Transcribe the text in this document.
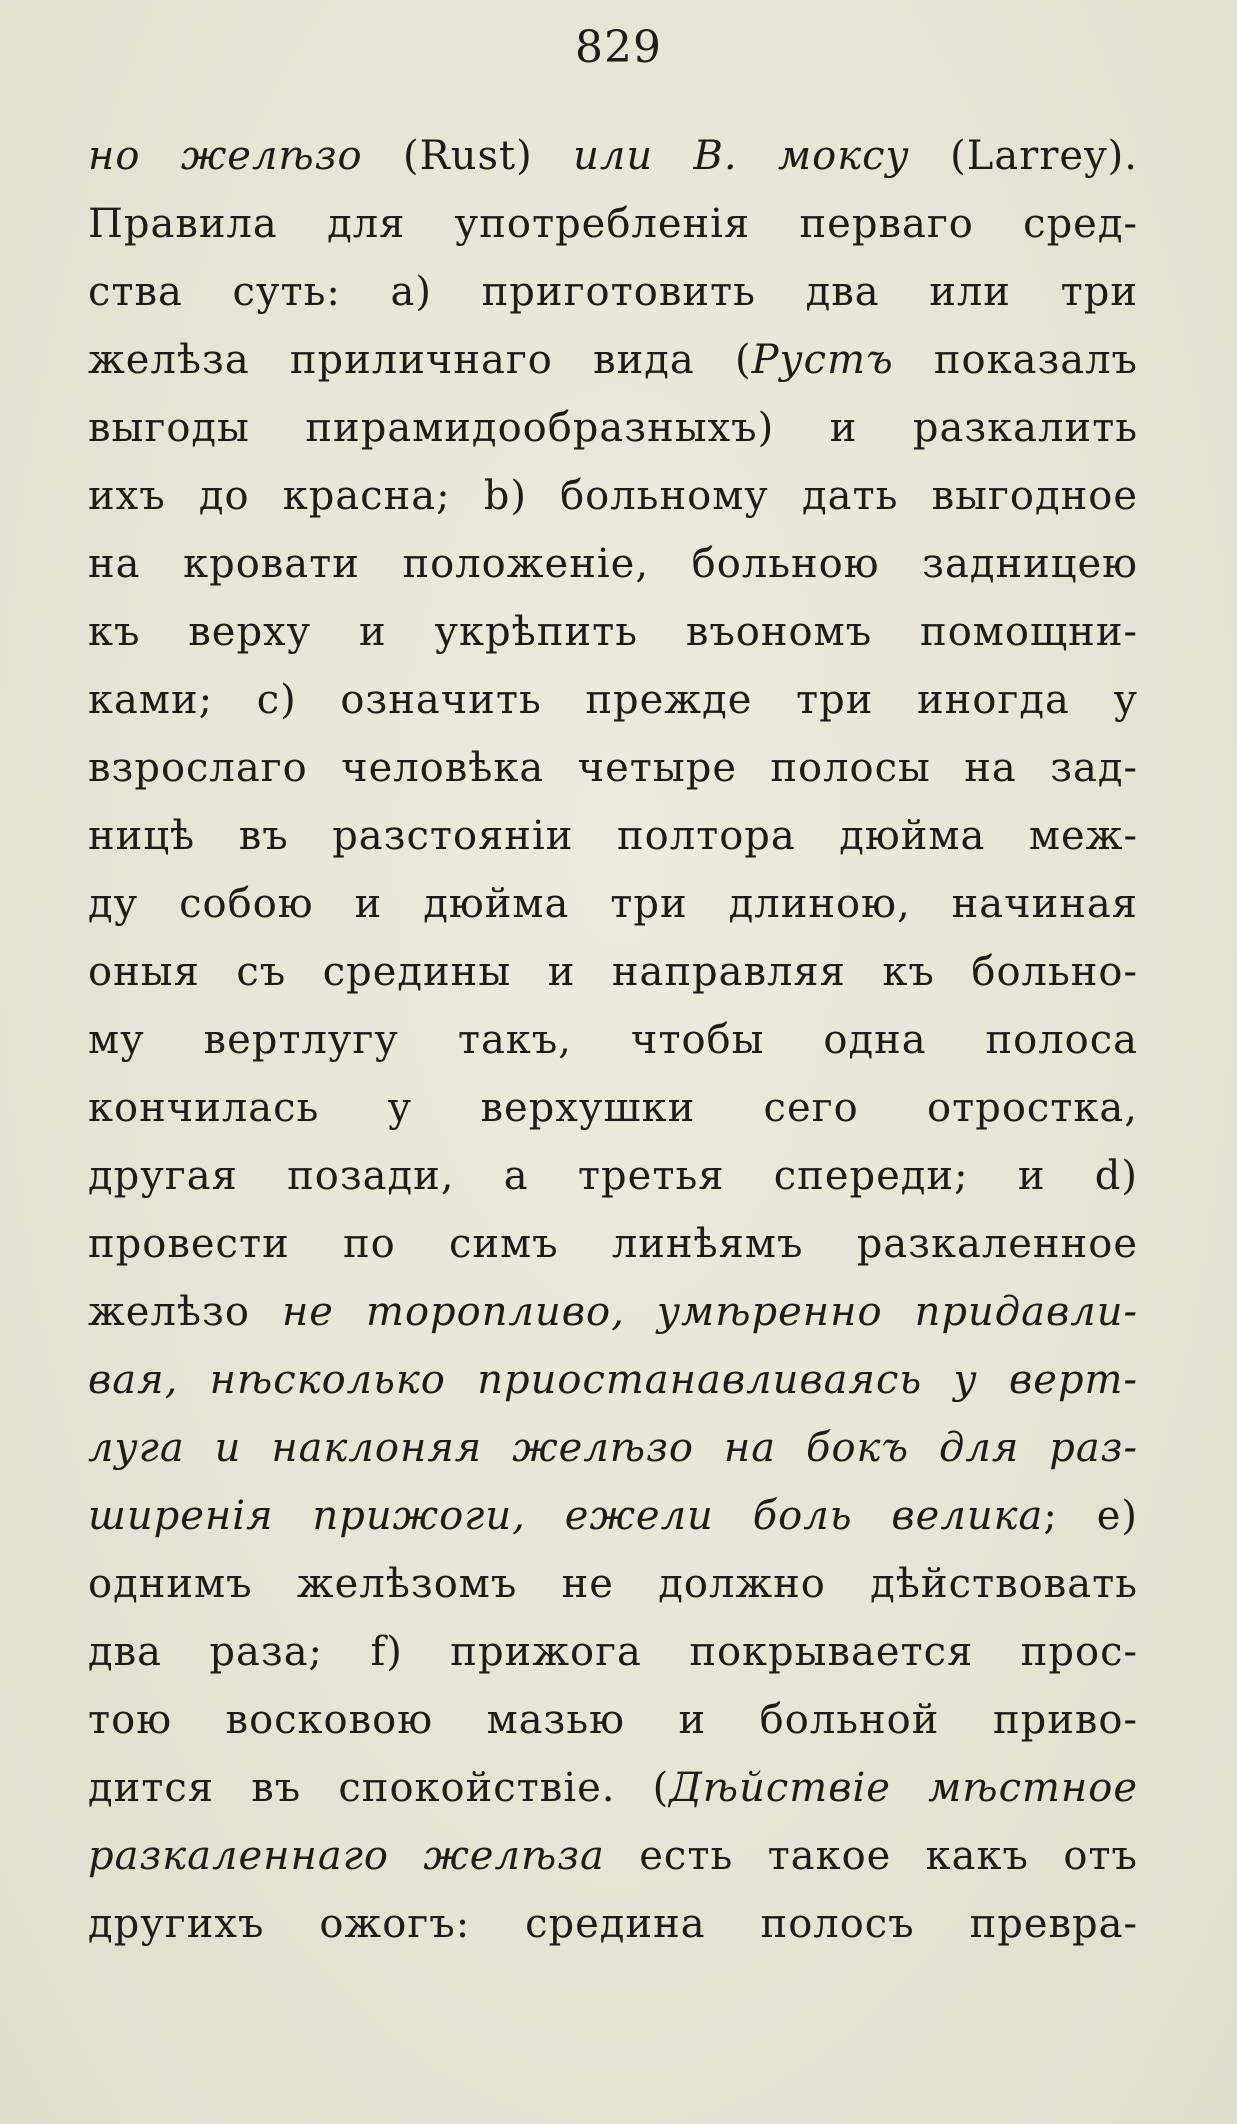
829
но желѣзо (Rust) или В. моксу (Larrey).
Правила для употребленія перваго сред-
ства суть: а) приготовить два или три
желѣза приличнаго вида (Рустъ показалъ
выгоды пирамидообразныхъ) и разкалить
ихъ до красна; b) больному дать выгодное
на кровати положеніе, больною задницею
къ верху и укрѣпить въономъ помощни-
ками; с) означить прежде три иногда у
взрослаго человѣка четыре полосы на зад-
ницѣ въ разстояніи полтора дюйма меж-
ду собою и дюйма три длиною, начиная
оныя съ средины и направляя къ больно-
му вертлугу такъ, чтобы одна полоса
кончилась у верхушки сего отростка,
другая позади, а третья спереди; и d)
провести по симъ линѣямъ разкаленное
желѣзо не торопливо, умѣренно придавли-
вая, нѣсколько приостанавливаясь у верт-
луга и наклоняя желѣзо на бокъ для рaз-
ширенія прижоги, ежели боль велика; е)
однимъ желѣзомъ не должно дѣйствовать
два раза; f) прижога покрывается прос-
тою восковою мазью и больной приво-
дится въ спокойствіе. (Дѣйствіе мѣстное
разкаленнаго желѣза есть такое какъ отъ
другихъ ожогъ: средина полосъ превра-
